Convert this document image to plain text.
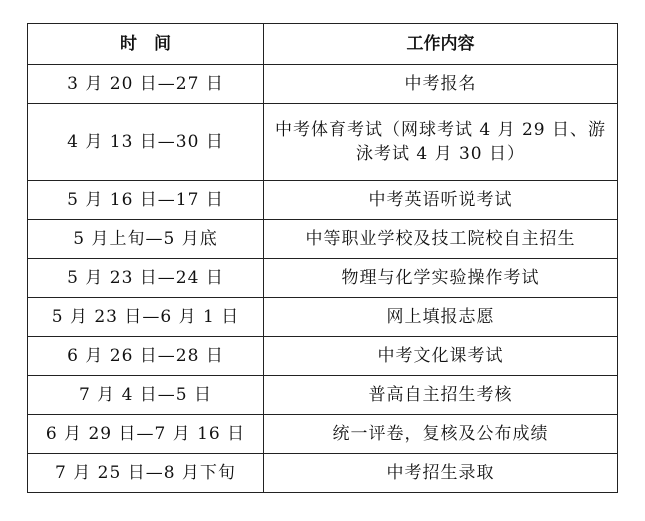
时　间	工作内容
3 月 20 日—27 日	中考报名
4 月 13 日—30 日	中考体育考试（网球考试 4 月 29 日、游泳考试 4 月 30 日）
5 月 16 日—17 日	中考英语听说考试
5 月上旬—5 月底	中等职业学校及技工院校自主招生
5 月 23 日—24 日	物理与化学实验操作考试
5 月 23 日—6 月 1 日	网上填报志愿
6 月 26 日—28 日	中考文化课考试
7 月 4 日—5 日	普高自主招生考核
6 月 29 日—7 月 16 日	统一评卷，复核及公布成绩
7 月 25 日—8 月下旬	中考招生录取
